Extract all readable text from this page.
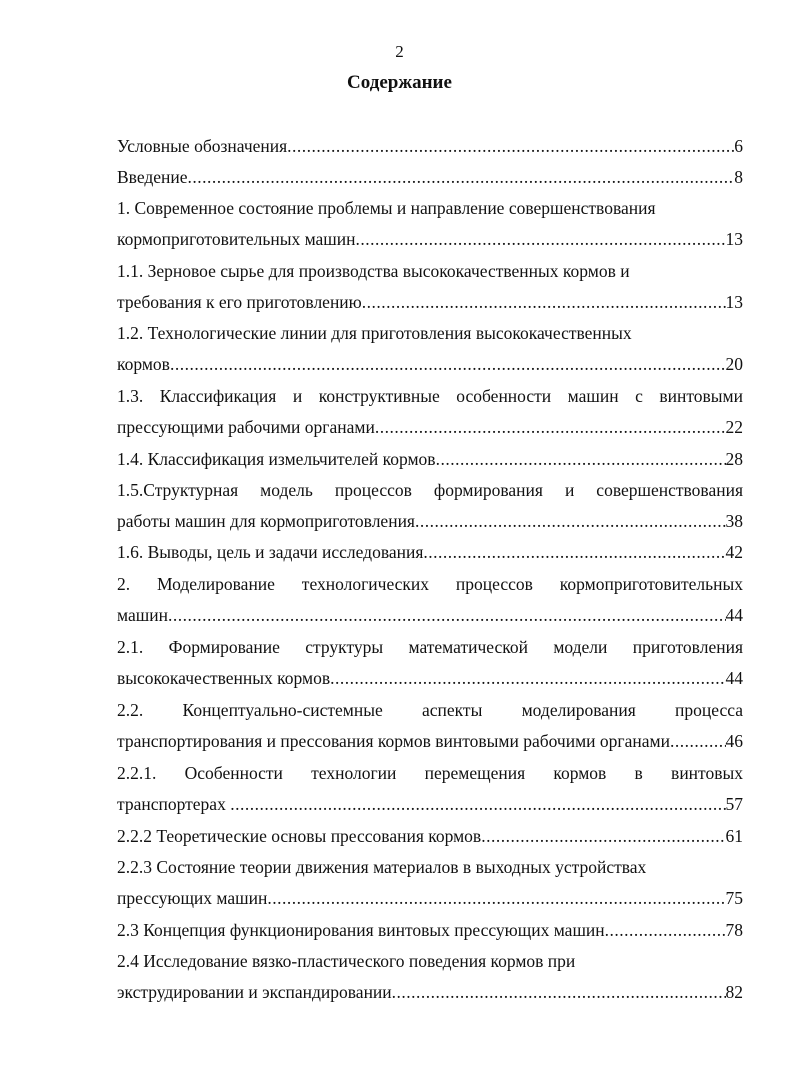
2
Содержание
Условные обозначения .....	6
Введение .....	8
1. Современное состояние проблемы и направление совершенствования
кормоприготовительных машин .....	13
1.1. Зерновое сырье для производства высококачественных кормов и
требования к его приготовлению .....	13
1.2. Технологические линии для приготовления высококачественных
кормов .....	20
1.3. Классификация и конструктивные особенности машин с винтовыми
прессующими рабочими органами .....	22
1.4. Классификация измельчителей кормов .....	28
1.5.Структурная модель процессов формирования и совершенствования
работы машин для кормоприготовления .....	38
1.6. Выводы, цель и задачи исследования .....	42
2. Моделирование технологических процессов кормоприготовительных
машин .....	44
2.1. Формирование структуры математической модели приготовления
высококачественных кормов .....	44
2.2. Концептуально-системные аспекты моделирования процесса
транспортирования и прессования кормов винтовыми рабочими органами .....	46
2.2.1. Особенности технологии перемещения кормов в винтовых
транспортерах .....	57
2.2.2 Теоретические основы прессования кормов .....	61
2.2.3 Состояние теории движения материалов в выходных устройствах
прессующих машин .....	75
2.3 Концепция функционирования винтовых прессующих машин .....	78
2.4 Исследование вязко-пластического поведения кормов при
экструдировании и экспандировании .....	82
